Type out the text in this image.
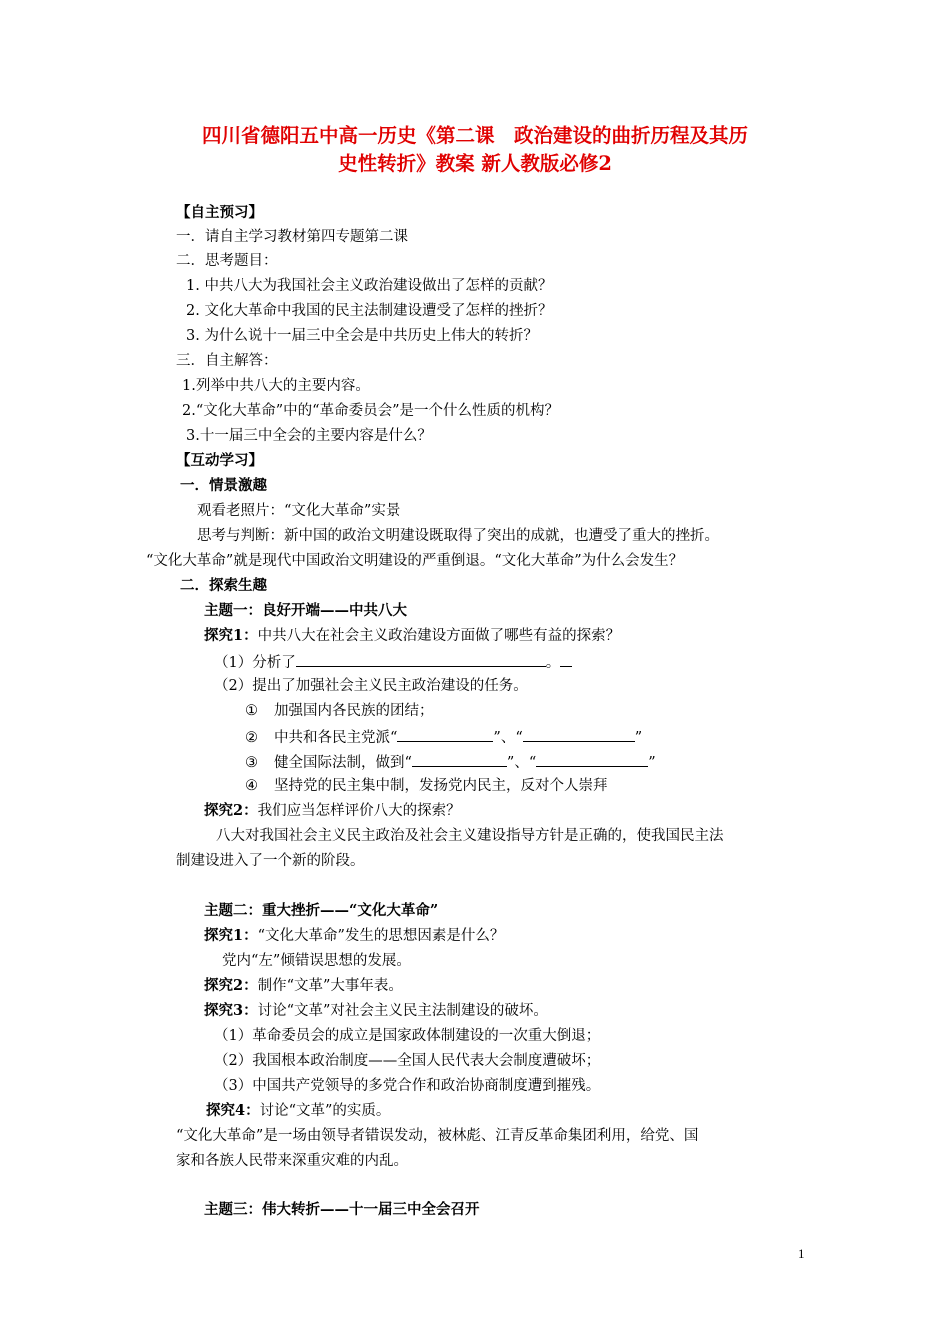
四川省德阳五中高一历史《第二课　政治建设的曲折历程及其历
史性转折》教案 新人教版必修2
【自主预习】
一．请自主学习教材第四专题第二课
二．思考题目：
1. 中共八大为我国社会主义政治建设做出了怎样的贡献？
2. 文化大革命中我国的民主法制建设遭受了怎样的挫折？
3. 为什么说十一届三中全会是中共历史上伟大的转折？
三．自主解答：
1.列举中共八大的主要内容。
2.“文化大革命”中的“革命委员会”是一个什么性质的机构？
3.十一届三中全会的主要内容是什么？
【互动学习】
一．情景激趣
观看老照片：“文化大革命”实景
思考与判断：新中国的政治文明建设既取得了突出的成就，也遭受了重大的挫折。
“文化大革命”就是现代中国政治文明建设的严重倒退。“文化大革命”为什么会发生？
二．探索生趣
主题一：良好开端——中共八大
探究1：中共八大在社会主义政治建设方面做了哪些有益的探索？
（1）分析了	。
（2）提出了加强社会主义民主政治建设的任务。
① 加强国内各民族的团结；
② 中共和各民主党派“	”、“	”
③ 健全国际法制，做到“	”、“	”
④ 坚持党的民主集中制，发扬党内民主，反对个人崇拜
探究2：我们应当怎样评价八大的探索？
八大对我国社会主义民主政治及社会主义建设指导方针是正确的，使我国民主法
制建设进入了一个新的阶段。
主题二：重大挫折——“文化大革命”
探究1：“文化大革命”发生的思想因素是什么？
党内“左”倾错误思想的发展。
探究2：制作“文革”大事年表。
探究3：讨论“文革”对社会主义民主法制建设的破坏。
（1）革命委员会的成立是国家政体制建设的一次重大倒退；
（2）我国根本政治制度——全国人民代表大会制度遭破坏；
（3）中国共产党领导的多党合作和政治协商制度遭到摧残。
探究4：讨论“文革”的实质。
“文化大革命”是一场由领导者错误发动，被林彪、江青反革命集团利用，给党、国
家和各族人民带来深重灾难的内乱。
主题三：伟大转折——十一届三中全会召开
1
